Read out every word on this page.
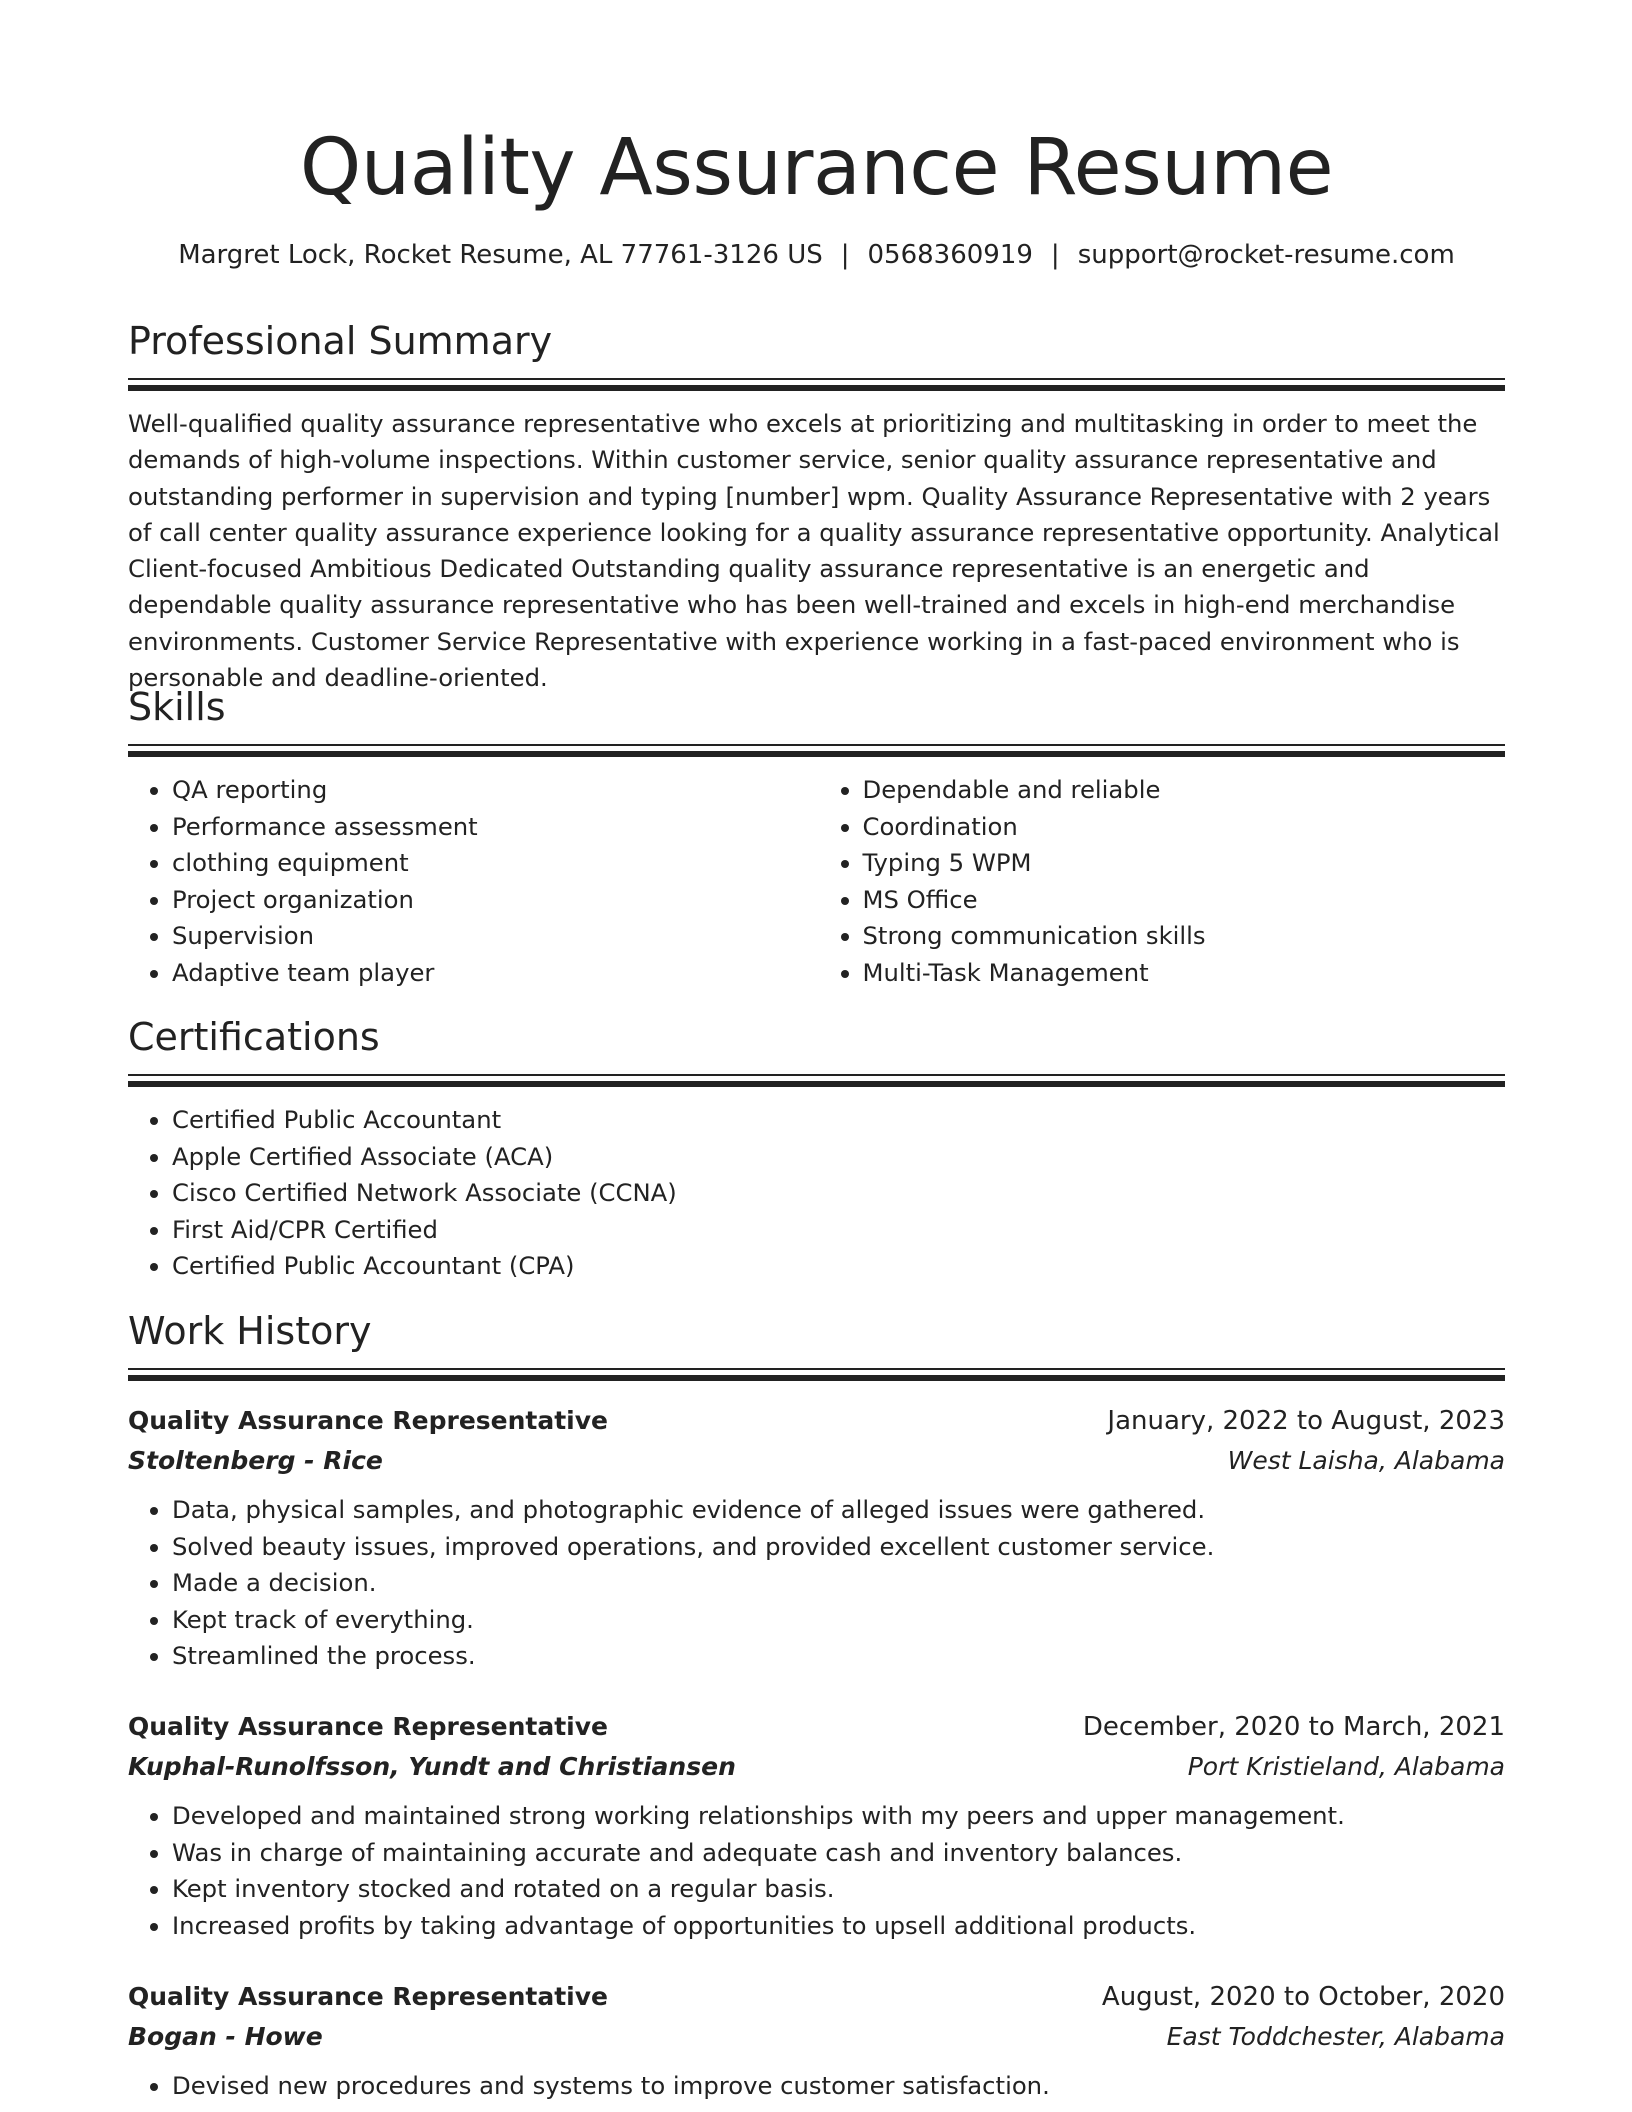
Quality Assurance Resume
Margret Lock, Rocket Resume, AL 77761-3126 US | 0568360919 | support@rocket-resume.com
Professional Summary

Well-qualified quality assurance representative who excels at prioritizing and multitasking in order to meet the demands of high-volume inspections. Within customer service, senior quality assurance representative and outstanding performer in supervision and typing [number] wpm. Quality Assurance Representative with 2 years of call center quality assurance experience looking for a quality assurance representative opportunity. Analytical Client-focused Ambitious Dedicated Outstanding quality assurance representative is an energetic and dependable quality assurance representative who has been well-trained and excels in high-end merchandise environments. Customer Service Representative with experience working in a fast-paced environment who is personable and deadline-oriented.

Skills
• QA reporting
• Performance assessment
• clothing equipment
• Project organization
• Supervision
• Adaptive team player
• Dependable and reliable
• Coordination
• Typing 5 WPM
• MS Office
• Strong communication skills
• Multi-Task Management
Certifications
• Certified Public Accountant
• Apple Certified Associate (ACA)
• Cisco Certified Network Associate (CCNA)
• First Aid/CPR Certified
• Certified Public Accountant (CPA)
Work History
Quality Assurance Representative	January, 2022 to August, 2023
Stoltenberg - Rice	West Laisha, Alabama
• Data, physical samples, and photographic evidence of alleged issues were gathered.
• Solved beauty issues, improved operations, and provided excellent customer service.
• Made a decision.
• Kept track of everything.
• Streamlined the process.
Quality Assurance Representative	December, 2020 to March, 2021
Kuphal-Runolfsson, Yundt and Christiansen	Port Kristieland, Alabama
• Developed and maintained strong working relationships with my peers and upper management.
• Was in charge of maintaining accurate and adequate cash and inventory balances.
• Kept inventory stocked and rotated on a regular basis.
• Increased profits by taking advantage of opportunities to upsell additional products.
Quality Assurance Representative	August, 2020 to October, 2020
Bogan - Howe	East Toddchester, Alabama
• Devised new procedures and systems to improve customer satisfaction.
